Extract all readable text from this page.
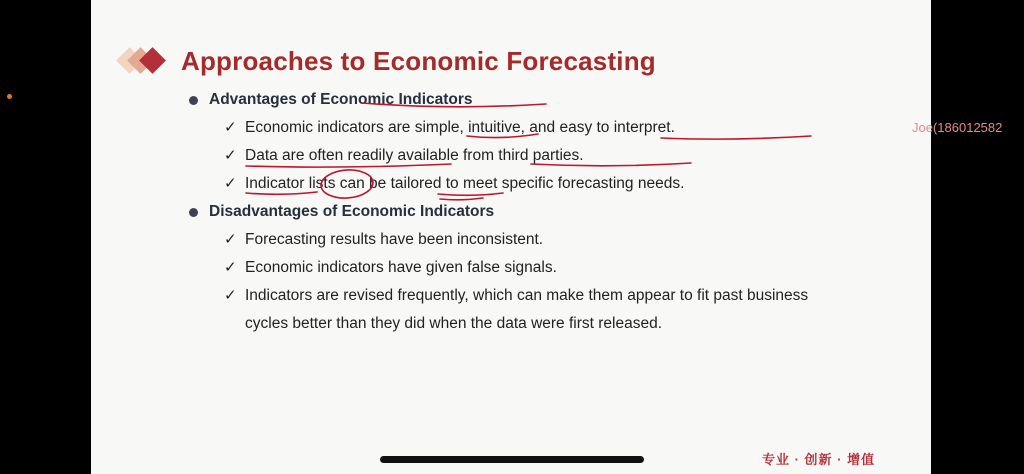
Approaches to Economic Forecasting
Advantages of Economic Indicators
✓ Economic indicators are simple, intuitive, and easy to interpret.
✓ Data are often readily available from third parties.
✓ Indicator lists can be tailored to meet specific forecasting needs.
Disadvantages of Economic Indicators
✓ Forecasting results have been inconsistent.
✓ Economic indicators have given false signals.
✓ Indicators are revised frequently, which can make them appear to fit past business cycles better than they did when the data were first released.
专业 · 创新 · 增值
Joe(186012582
